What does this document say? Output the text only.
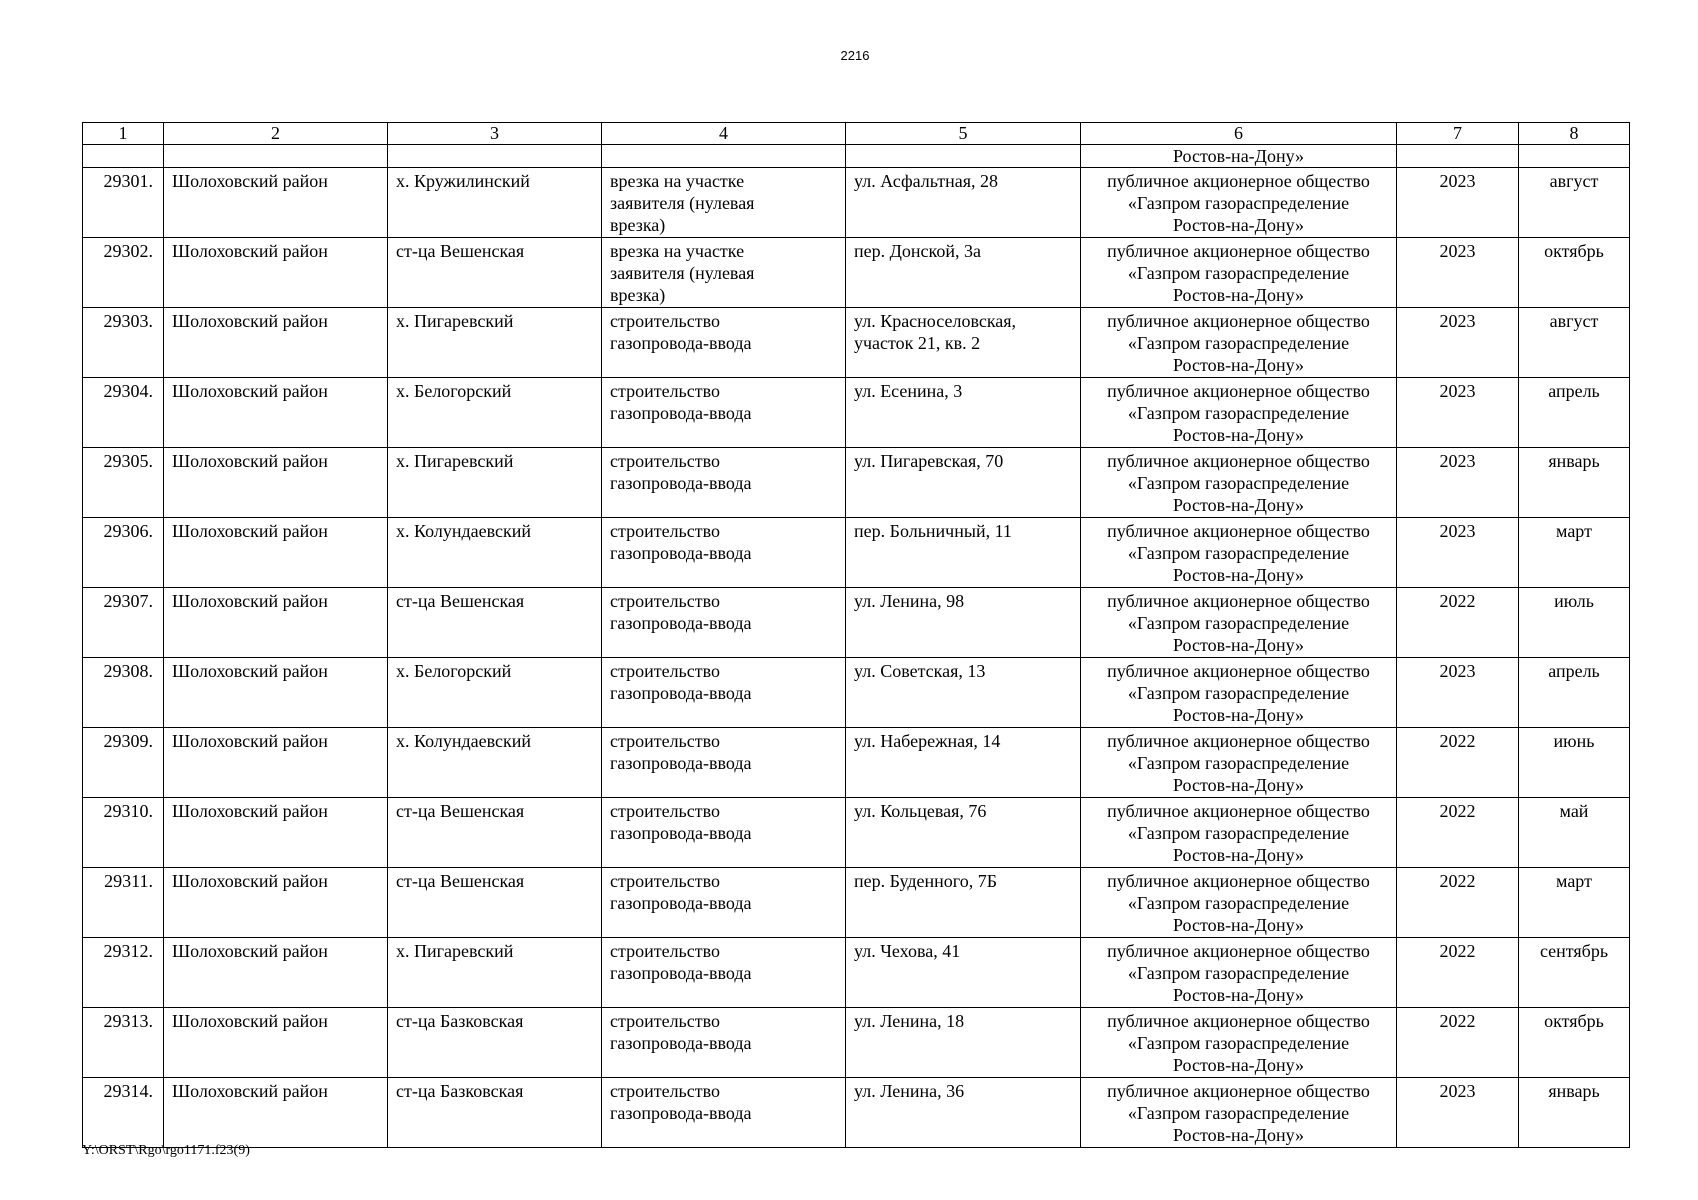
2216
1	2	3	4	5	6	7	8
					Ростов-на-Дону»		
29301.	Шолоховский район	х. Кружилинский	врезка на участке
заявителя (нулевая
врезка)	ул. Асфальтная, 28	публичное акционерное общество
«Газпром газораспределение
Ростов-на-Дону»	2023	август
29302.	Шолоховский район	ст-ца Вешенская	врезка на участке
заявителя (нулевая
врезка)	пер. Донской, 3а	публичное акционерное общество
«Газпром газораспределение
Ростов-на-Дону»	2023	октябрь
29303.	Шолоховский район	х. Пигаревский	строительство
газопровода-ввода	ул. Красноселовская,
участок 21, кв. 2	публичное акционерное общество
«Газпром газораспределение
Ростов-на-Дону»	2023	август
29304.	Шолоховский район	х. Белогорский	строительство
газопровода-ввода	ул. Есенина, 3	публичное акционерное общество
«Газпром газораспределение
Ростов-на-Дону»	2023	апрель
29305.	Шолоховский район	х. Пигаревский	строительство
газопровода-ввода	ул. Пигаревская, 70	публичное акционерное общество
«Газпром газораспределение
Ростов-на-Дону»	2023	январь
29306.	Шолоховский район	х. Колундаевский	строительство
газопровода-ввода	пер. Больничный, 11	публичное акционерное общество
«Газпром газораспределение
Ростов-на-Дону»	2023	март
29307.	Шолоховский район	ст-ца Вешенская	строительство
газопровода-ввода	ул. Ленина, 98	публичное акционерное общество
«Газпром газораспределение
Ростов-на-Дону»	2022	июль
29308.	Шолоховский район	х. Белогорский	строительство
газопровода-ввода	ул. Советская, 13	публичное акционерное общество
«Газпром газораспределение
Ростов-на-Дону»	2023	апрель
29309.	Шолоховский район	х. Колундаевский	строительство
газопровода-ввода	ул. Набережная, 14	публичное акционерное общество
«Газпром газораспределение
Ростов-на-Дону»	2022	июнь
29310.	Шолоховский район	ст-ца Вешенская	строительство
газопровода-ввода	ул. Кольцевая, 76	публичное акционерное общество
«Газпром газораспределение
Ростов-на-Дону»	2022	май
29311.	Шолоховский район	ст-ца Вешенская	строительство
газопровода-ввода	пер. Буденного, 7Б	публичное акционерное общество
«Газпром газораспределение
Ростов-на-Дону»	2022	март
29312.	Шолоховский район	х. Пигаревский	строительство
газопровода-ввода	ул. Чехова, 41	публичное акционерное общество
«Газпром газораспределение
Ростов-на-Дону»	2022	сентябрь
29313.	Шолоховский район	ст-ца Базковская	строительство
газопровода-ввода	ул. Ленина, 18	публичное акционерное общество
«Газпром газораспределение
Ростов-на-Дону»	2022	октябрь
29314.	Шолоховский район	ст-ца Базковская	строительство
газопровода-ввода	ул. Ленина, 36	публичное акционерное общество
«Газпром газораспределение
Ростов-на-Дону»	2023	январь
Y:\ORST\Rgo\rgo1171.f23(9)
